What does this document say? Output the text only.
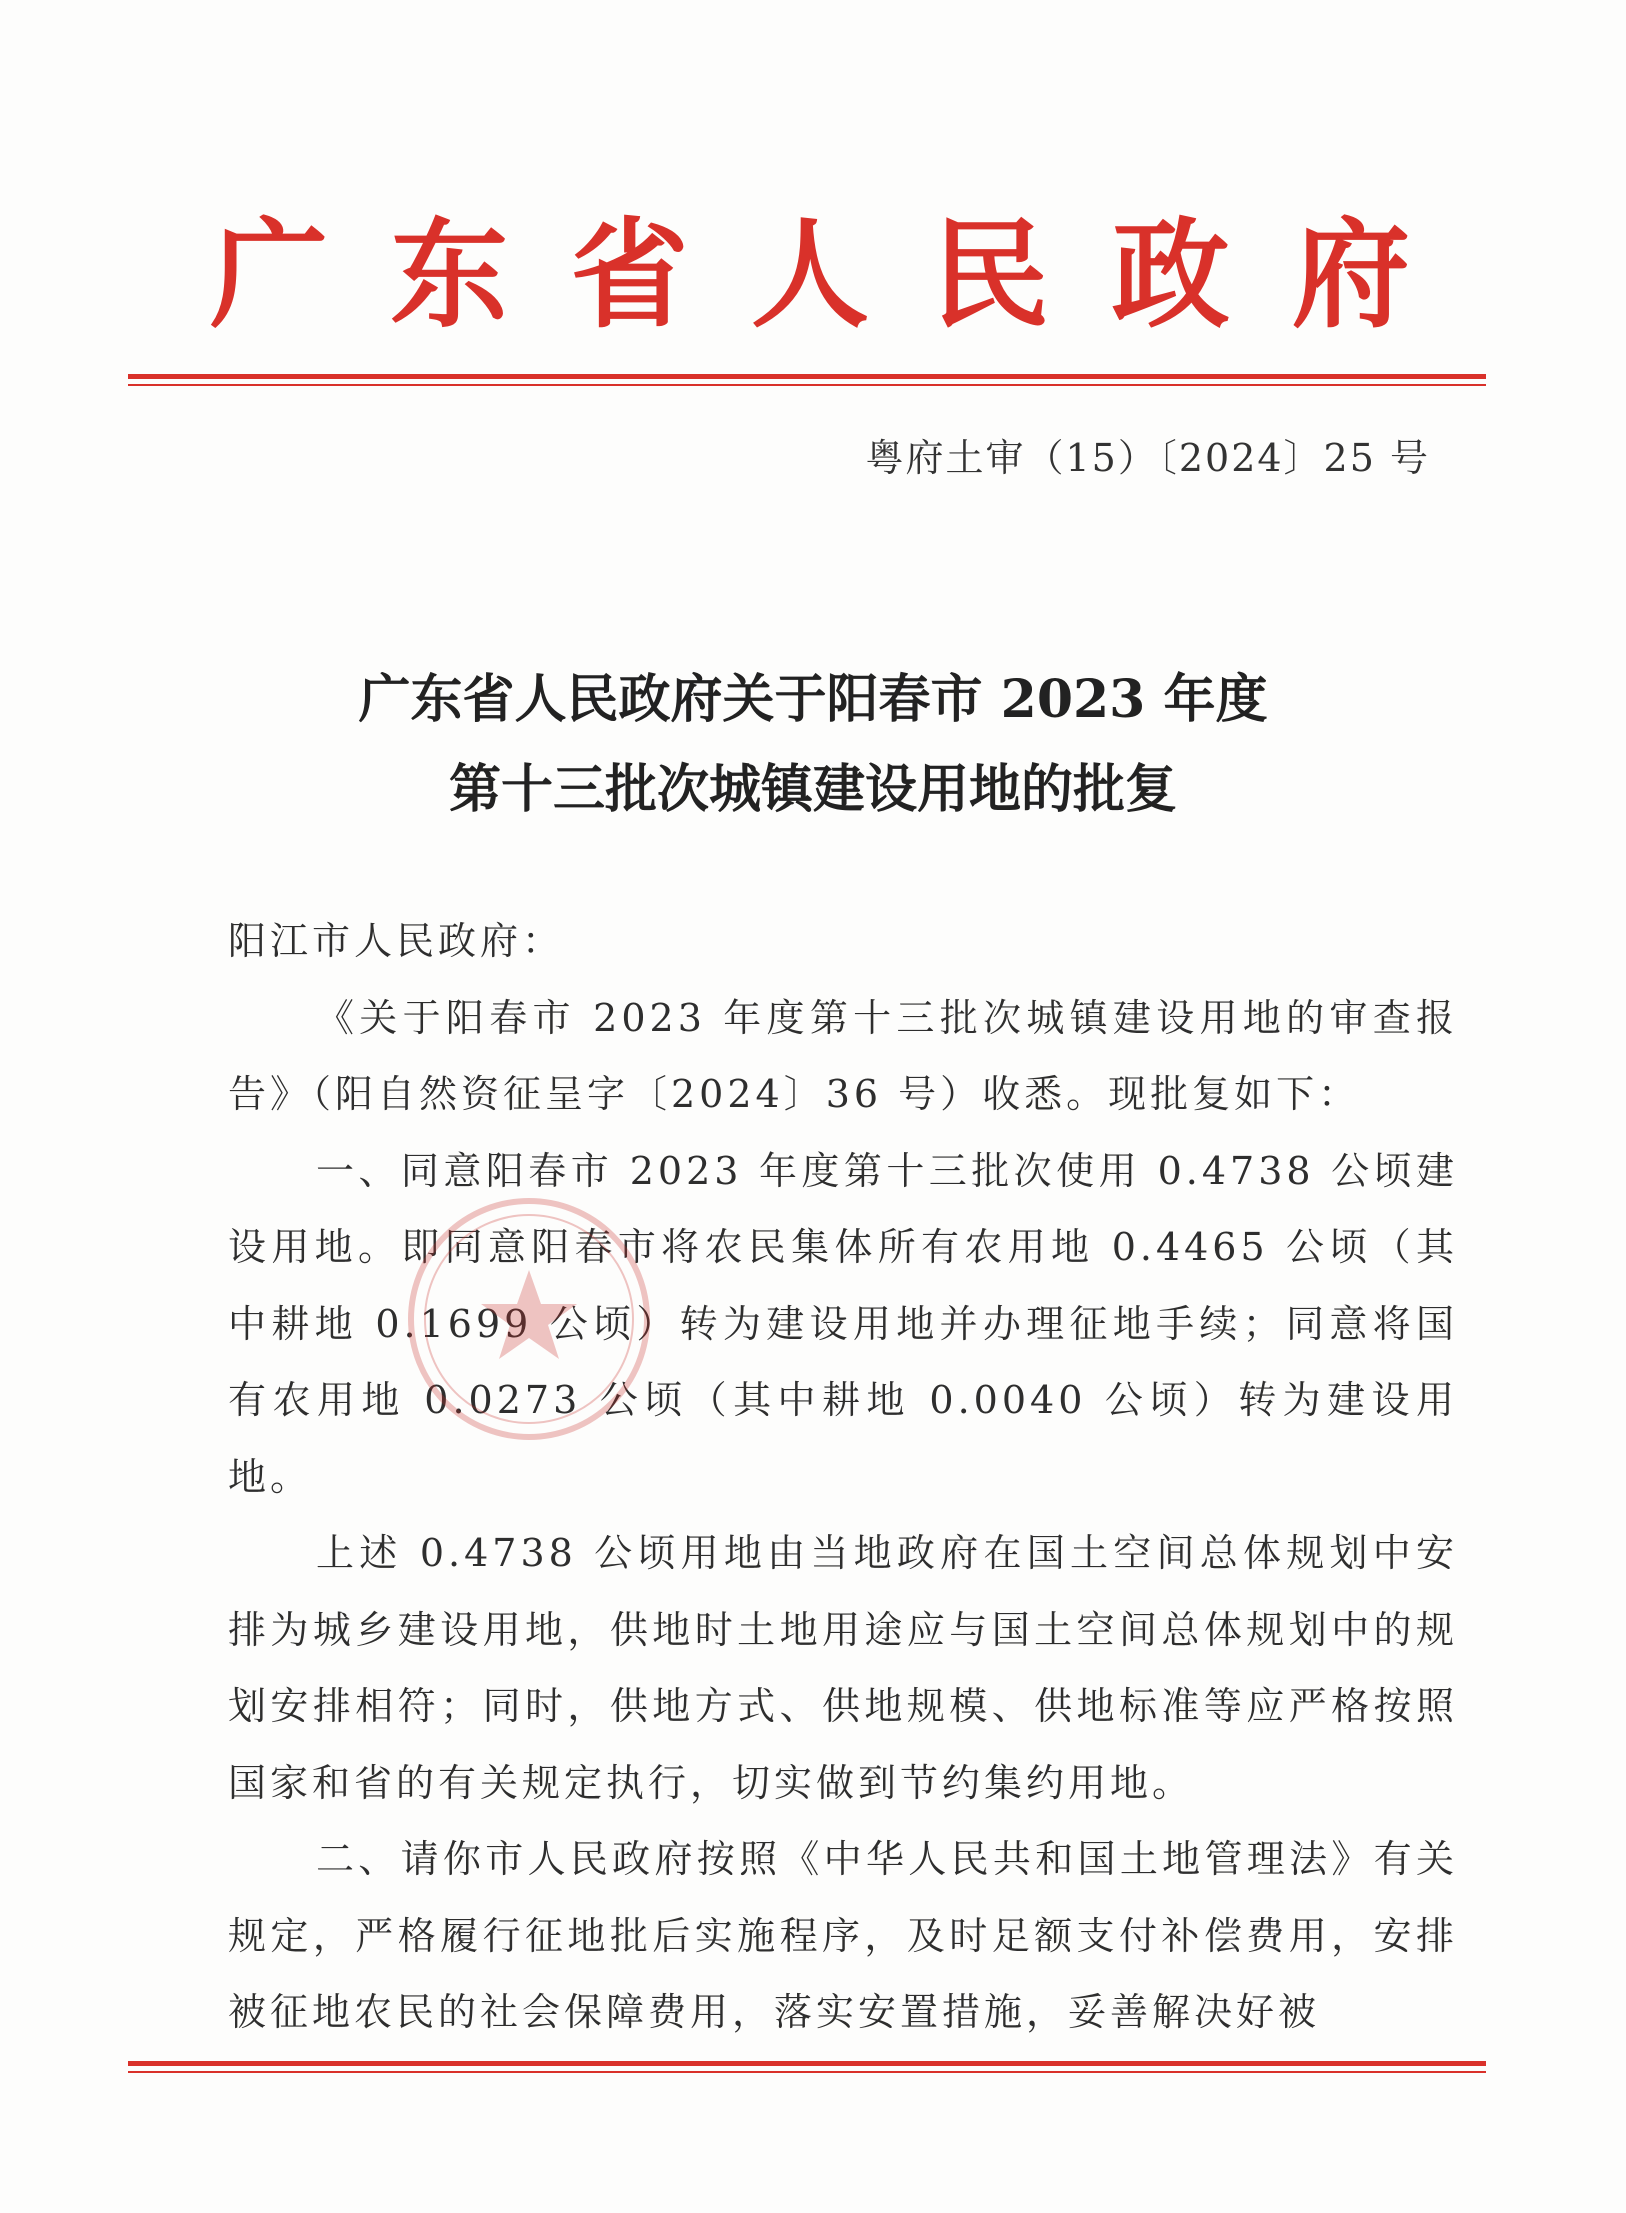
广 东 省 人 民 政 府
粤府土审（15）〔2024〕25 号
广东省人民政府关于阳春市 2023 年度
第十三批次城镇建设用地的批复

阳江市人民政府：

《关于阳春市 2023 年度第十三批次城镇建设用地的审查报告》（阳自然资征呈字〔2024〕36 号）收悉。现批复如下：

一、同意阳春市 2023 年度第十三批次使用 0.4738 公顷建设用地。即同意阳春市将农民集体所有农用地 0.4465 公顷（其中耕地 0.1699 公顷）转为建设用地并办理征地手续；同意将国有农用地 0.0273 公顷（其中耕地 0.0040 公顷）转为建设用地。

上述 0.4738 公顷用地由当地政府在国土空间总体规划中安排为城乡建设用地，供地时土地用途应与国土空间总体规划中的规划安排相符；同时，供地方式、供地规模、供地标准等应严格按照国家和省的有关规定执行，切实做到节约集约用地。

二、请你市人民政府按照《中华人民共和国土地管理法》有关规定，严格履行征地批后实施程序，及时足额支付补偿费用，安排被征地农民的社会保障费用，落实安置措施，妥善解决好被
